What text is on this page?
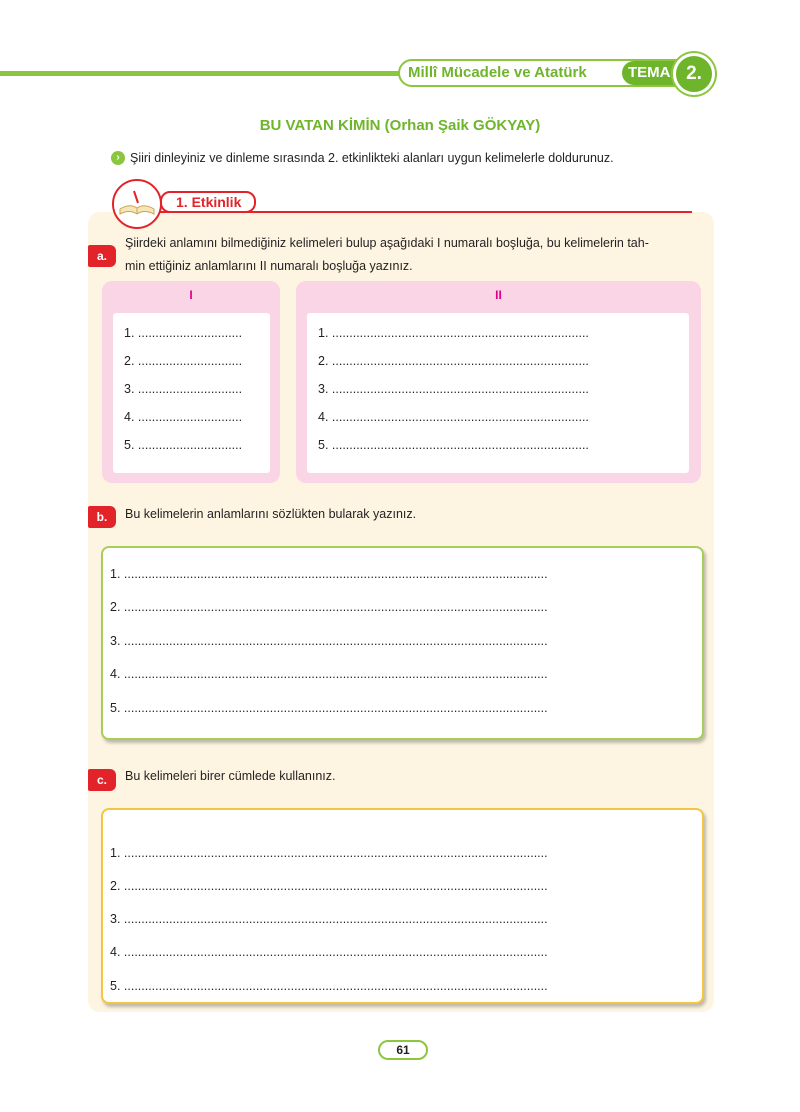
Millî Mücadele ve Atatürk	TEMA 2.
BU VATAN KİMİN (Orhan Şaik GÖKYAY)
› Şiiri dinleyiniz ve dinleme sırasında 2. etkinlikteki alanları uygun kelimelerle doldurunuz.
1. Etkinlik
a.
Şiirdeki anlamını bilmediğiniz kelimeleri bulup aşağıdaki I numaralı boşluğa, bu kelimelerin tah-
min ettiğiniz anlamlarını II numaralı boşluğa yazınız.
I
1. ..............................
2. ..............................
3. ..............................
4. ..............................
5. ..............................
II
1. ..........................................................................
2. ..........................................................................
3. ..........................................................................
4. ..........................................................................
5. ..........................................................................
b.	Bu kelimelerin anlamlarını sözlükten bularak yazınız.
1. ..........................................................................................................................
2. ..........................................................................................................................
3. ..........................................................................................................................
4. ..........................................................................................................................
5. ..........................................................................................................................
c.	Bu kelimeleri birer cümlede kullanınız.
1. ..........................................................................................................................
2. ..........................................................................................................................
3. ..........................................................................................................................
4. ..........................................................................................................................
5. ..........................................................................................................................
61
